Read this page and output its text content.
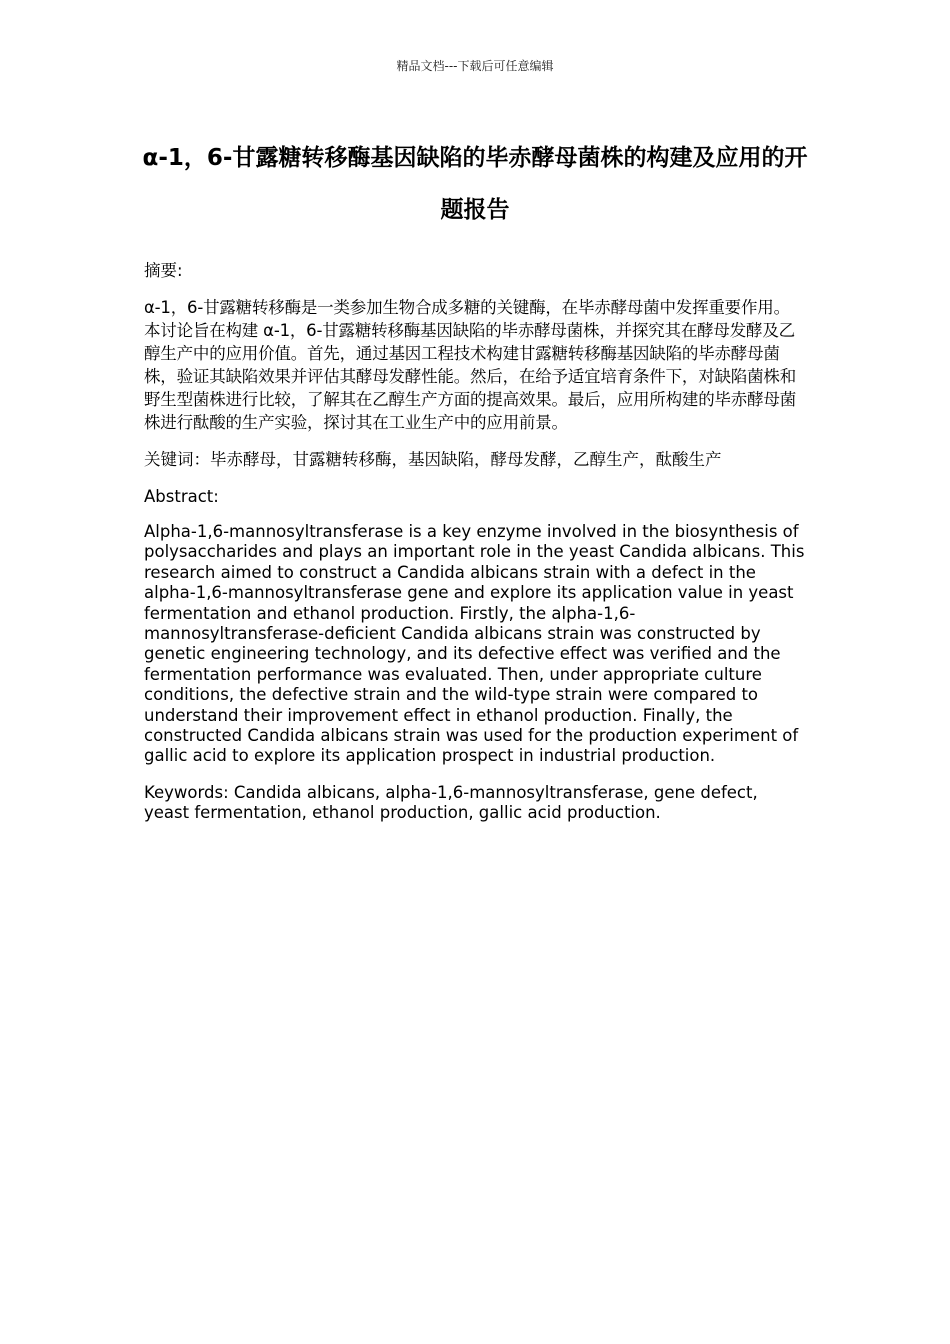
精品文档---下载后可任意编辑
α-1，6-甘露糖转移酶基因缺陷的毕赤酵母菌株的构建及应用的开题报告

摘要:

α-1，6-甘露糖转移酶是一类参加生物合成多糖的关键酶，在毕赤酵母菌中发挥重要作用。本讨论旨在构建 α-1，6-甘露糖转移酶基因缺陷的毕赤酵母菌株，并探究其在酵母发酵及乙醇生产中的应用价值。首先，通过基因工程技术构建甘露糖转移酶基因缺陷的毕赤酵母菌株，验证其缺陷效果并评估其酵母发酵性能。然后，在给予适宜培育条件下，对缺陷菌株和野生型菌株进行比较，了解其在乙醇生产方面的提高效果。最后，应用所构建的毕赤酵母菌株进行酞酸的生产实验，探讨其在工业生产中的应用前景。

关键词：毕赤酵母，甘露糖转移酶，基因缺陷，酵母发酵，乙醇生产，酞酸生产

Abstract:

Alpha-1,6-mannosyltransferase is a key enzyme involved in the biosynthesis of polysaccharides and plays an important role in the yeast Candida albicans. This research aimed to construct a Candida albicans strain with a defect in the alpha-1,6-mannosyltransferase gene and explore its application value in yeast fermentation and ethanol production. Firstly, the alpha-1,6-mannosyltransferase-deficient Candida albicans strain was constructed by genetic engineering technology, and its defective effect was verified and the fermentation performance was evaluated. Then, under appropriate culture conditions, the defective strain and the wild-type strain were compared to understand their improvement effect in ethanol production. Finally, the constructed Candida albicans strain was used for the production experiment of gallic acid to explore its application prospect in industrial production.

Keywords: Candida albicans, alpha-1,6-mannosyltransferase, gene defect, yeast fermentation, ethanol production, gallic acid production.
